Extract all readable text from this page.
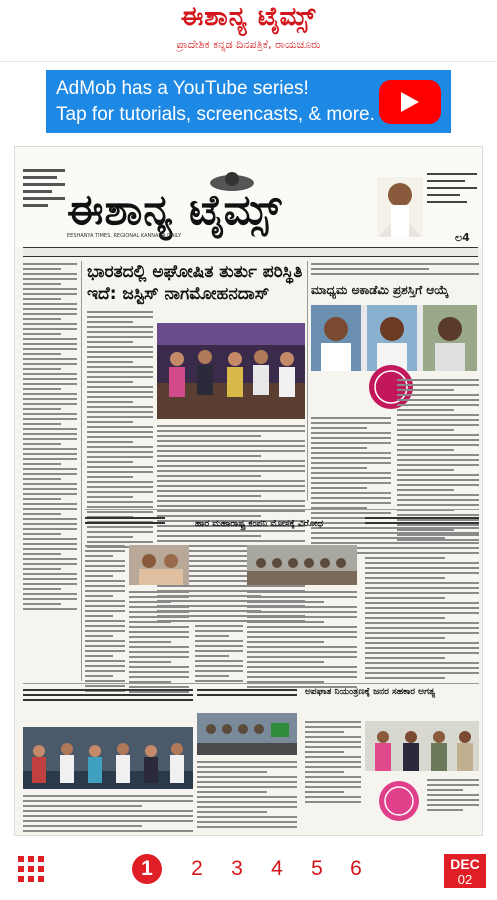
ಈಶಾನ್ಯ ಟೈಮ್ಸ್
ಪ್ರಾದೇಶಿಕ ಕನ್ನಡ ದಿನಪತ್ರಿಕೆ, ರಾಯಚೂರು
AdMob has a YouTube series!
Tap for tutorials, screencasts, & more.
ಈಶಾನ್ಯ ಟೈಮ್ಸ್
EESHANYA TIMES, REGIONAL KANNADA DAILY	ಲ4
ಭಾರತದಲ್ಲಿ ಅಘೋಷಿತ ತುರ್ತು ಪರಿಸ್ಥಿತಿ ಇದೆ: ಜಸ್ಟಿಸ್ ನಾಗಮೋಹನದಾಸ್	ಮಾಧ್ಯಮ ಅಕಾಡೆಮಿ ಪ್ರಶಸ್ತಿಗೆ ಆಯ್ಕೆ
ಹಾರ ಮಹಾರಾಷ್ಟ್ರ ಕಂಪನಿ ಮೋಸಕ್ಕೆ ವಿರೋಧ
ಅಪಘಾತ ನಿಯಂತ್ರಣಕ್ಕೆ ಜನರ ಸಹಕಾರ ಅಗತ್ಯ
1	2	3	4	5	6	DEC
02
